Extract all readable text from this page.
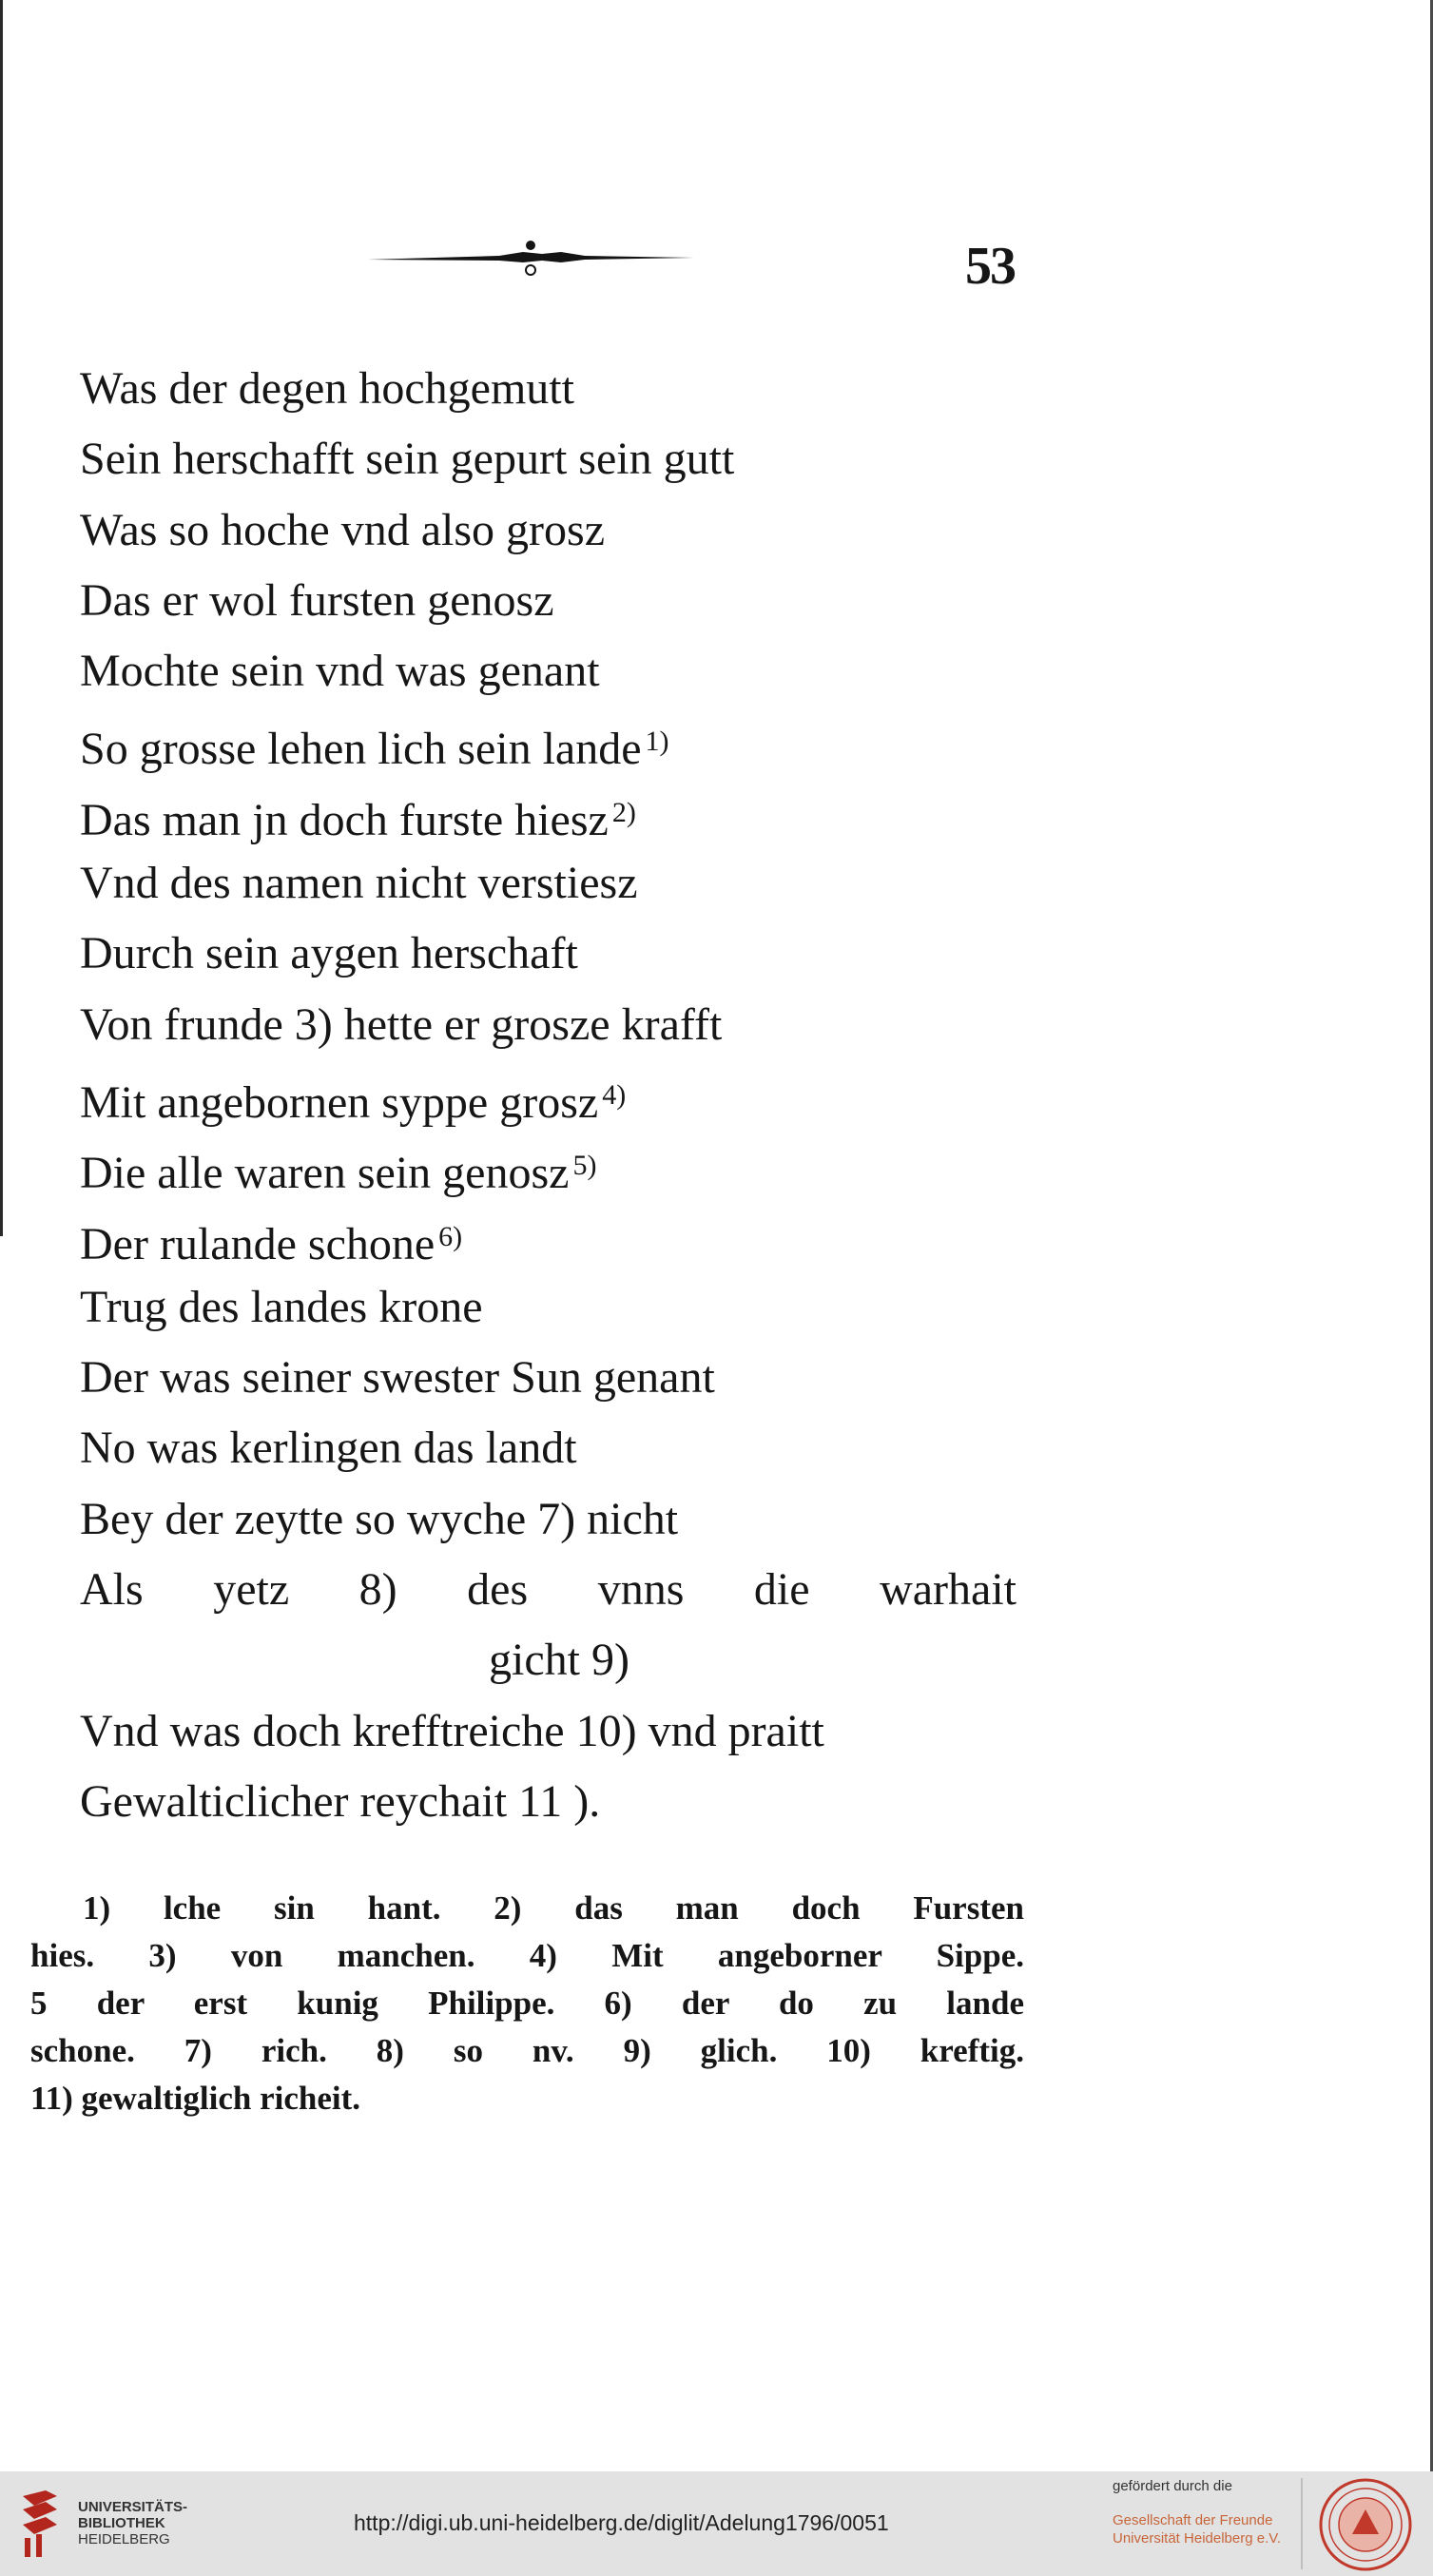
53
Was der degen hochgemutt
Sein herschafft sein gepurt sein gutt
Was so hoche vnd also grosz
Das er wol fursten genosz
Mochte sein vnd was genant
So grosse lehen lich sein lande $^{1)}$
Das man jn doch furste hiesz $^{2)}$
Vnd des namen nicht verstiesz
Durch sein aygen herschaft
Von frunde 3) hette er grosze krafft
Mit angebornen syppe grosz $^{4)}$
Die alle waren sein genosz $^{5)}$
Der rulande schone $^{6)}$
Trug des landes krone
Der was seiner swester Sun genant
No was kerlingen das landt
Bey der zeytte so wyche 7) nicht
Als yetz 8) des vnns die warhait
gicht 9)
Vnd was doch krefftreiche 10) vnd praitt
Gewalticlicher reychait 11 ).
1) lche sin hant. 2) das man doch Fursten
hies. 3) von manchen. 4) Mit angeborner Sippe.
5 der erst kunig Philippe. 6) der do zu lande
schone. 7) rich. 8) so nv. 9) glich. 10) kreftig.
11) gewaltiglich richeit.
UNIVERSITÄTS-
BIBLIOTHEK
HEIDELBERG
http://digi.ub.uni-heidelberg.de/diglit/Adelung1796/0051
gefördert durch die
Gesellschaft der Freunde
Universität Heidelberg e.V.
